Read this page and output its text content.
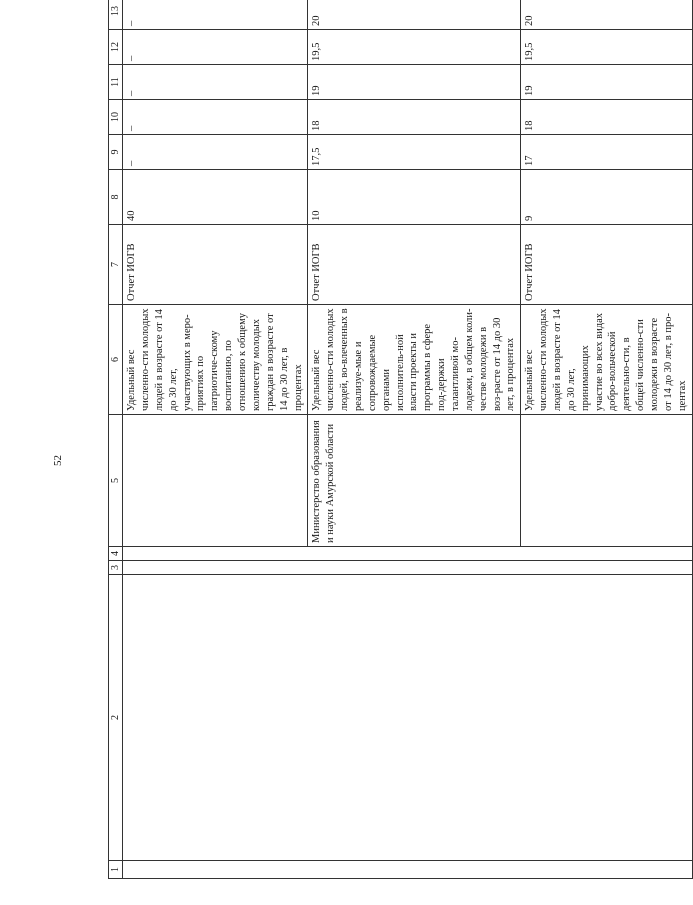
52
1	2	3	4	5	6	7	8	9	10	11	12	13
					Удельный вес численно-сти молодых людей в возрасте от 14 до 30 лет, участвующих в меро-приятиях по патриотиче-скому воспитанию, по отношению к общему количеству молодых граждан в возрасте от 14 до 30 лет, в процентах	Отчет ИОГВ	40	–	–	–	–	–
				Министерство образования и науки Амурской области	Удельный вес численно-сти молодых людей, во-влеченных в реализуе-мые и сопровождаемые органами исполнитель-ной власти проекты и программы в сфере под-держки талантливой мо-лодежи, в общем коли-честве молодежи в воз-расте от 14 до 30 лет, в процентах	Отчет ИОГВ	10	17,5	18	19	19,5	20
					Удельный вес численно-сти молодых людей в возрасте от 14 до 30 лет, принимающих участие во всех видах добро-вольческой деятельно-сти, в общей численно-сти молодежи в возрасте от 14 до 30 лет, в про-центах	Отчет ИОГВ	9	17	18	19	19,5	20
